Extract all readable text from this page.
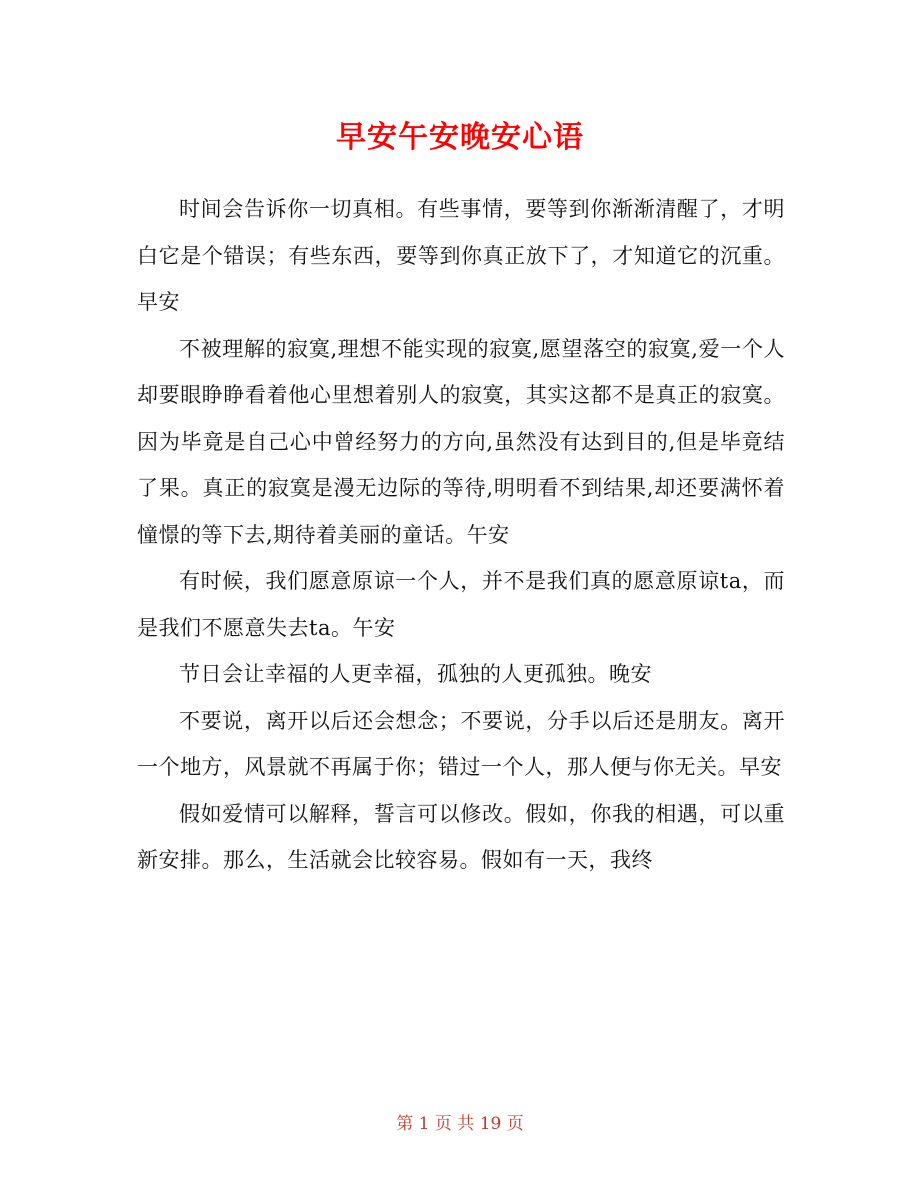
早安午安晚安心语

时间会告诉你一切真相。有些事情，要等到你渐渐清醒了，才明白它是个错误；有些东西，要等到你真正放下了，才知道它的沉重。早安

不被理解的寂寞,理想不能实现的寂寞,愿望落空的寂寞,爱一个人却要眼睁睁看着他心里想着别人的寂寞，其实这都不是真正的寂寞。因为毕竟是自己心中曾经努力的方向,虽然没有达到目的,但是毕竟结了果。真正的寂寞是漫无边际的等待,明明看不到结果,却还要满怀着憧憬的等下去,期待着美丽的童话。午安

有时候，我们愿意原谅一个人，并不是我们真的愿意原谅ta，而是我们不愿意失去ta。午安

节日会让幸福的人更幸福，孤独的人更孤独。晚安

不要说，离开以后还会想念；不要说，分手以后还是朋友。离开一个地方，风景就不再属于你；错过一个人，那人便与你无关。早安

假如爱情可以解释，誓言可以修改。假如，你我的相遇，可以重新安排。那么，生活就会比较容易。假如有一天，我终

第 1 页 共 19 页
